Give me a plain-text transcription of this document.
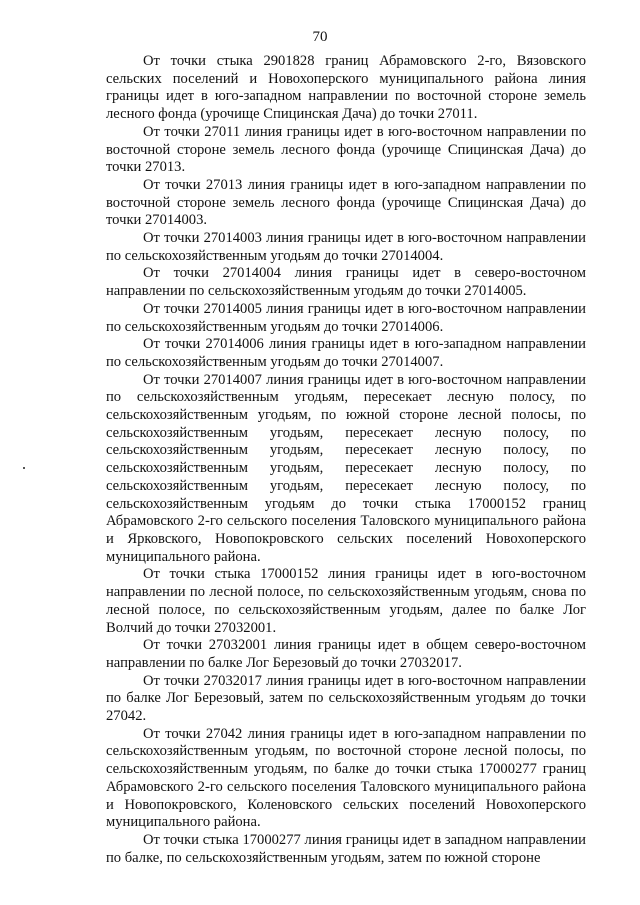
70

От точки стыка 2901828 границ Абрамовского 2-го, Вязовского сельских поселений и Новохоперского муниципального района линия границы идет в юго-западном направлении по восточной стороне земель лесного фонда (урочище Спицинская Дача) до точки 27011.

От точки 27011 линия границы идет в юго-восточном направлении по восточной стороне земель лесного фонда (урочище Спицинская Дача) до точки 27013.

От точки 27013 линия границы идет в юго-западном направлении по восточной стороне земель лесного фонда (урочище Спицинская Дача) до точки 27014003.

От точки 27014003 линия границы идет в юго-восточном направлении по сельскохозяйственным угодьям до точки 27014004.

От точки 27014004 линия границы идет в северо-восточном направлении по сельскохозяйственным угодьям до точки 27014005.

От точки 27014005 линия границы идет в юго-восточном направлении по сельскохозяйственным угодьям до точки 27014006.

От точки 27014006 линия границы идет в юго-западном направлении по сельскохозяйственным угодьям до точки 27014007.

От точки 27014007 линия границы идет в юго-восточном направлении по сельскохозяйственным угодьям, пересекает лесную полосу, по сельскохозяйственным угодьям, по южной стороне лесной полосы, по сельскохозяйственным угодьям, пересекает лесную полосу, по сельскохозяйственным угодьям, пересекает лесную полосу, по сельскохозяйственным угодьям, пересекает лесную полосу, по сельскохозяйственным угодьям, пересекает лесную полосу, по сельскохозяйственным угодьям до точки стыка 17000152 границ Абрамовского 2-го сельского поселения Таловского муниципального района и Ярковского, Новопокровского сельских поселений Новохоперского муниципального района.

От точки стыка 17000152 линия границы идет в юго-восточном направлении по лесной полосе, по сельскохозяйственным угодьям, снова по лесной полосе, по сельскохозяйственным угодьям, далее по балке Лог Волчий до точки 27032001.

От точки 27032001 линия границы идет в общем северо-восточном направлении по балке Лог Березовый до точки 27032017.

От точки 27032017 линия границы идет в юго-восточном направлении по балке Лог Березовый, затем по сельскохозяйственным угодьям до точки 27042.

От точки 27042 линия границы идет в юго-западном направлении по сельскохозяйственным угодьям, по восточной стороне лесной полосы, по сельскохозяйственным угодьям, по балке до точки стыка 17000277 границ Абрамовского 2-го сельского поселения Таловского муниципального района и Новопокровского, Коленовского сельских поселений Новохоперского муниципального района.

От точки стыка 17000277 линия границы идет в западном направлении по балке, по сельскохозяйственным угодьям, затем по южной стороне
